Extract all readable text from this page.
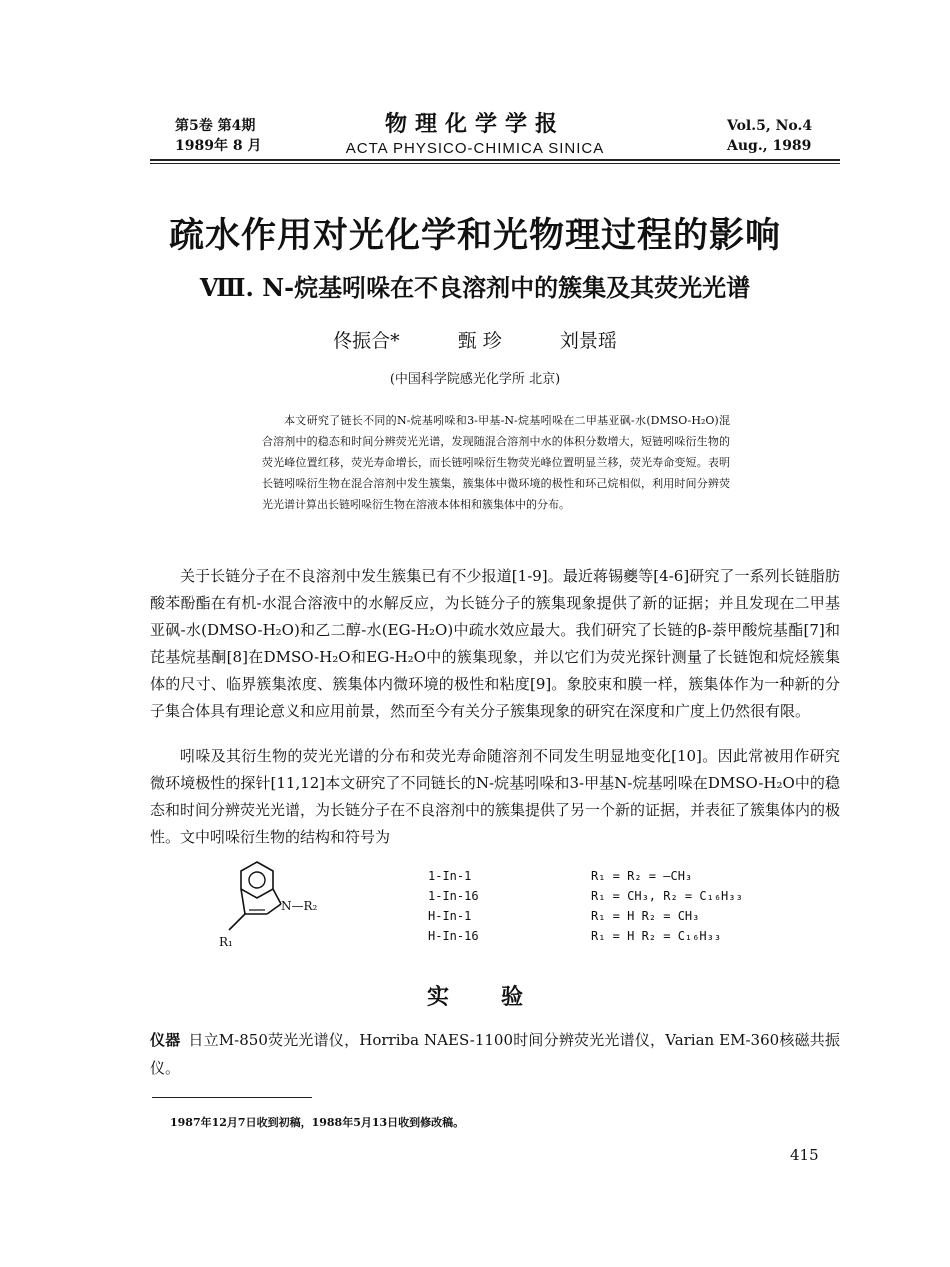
第5卷 第4期
1989年 8 月
物理化学学报
ACTA PHYSICO-CHIMICA SINICA
Vol.5, No.4
Aug., 1989
疏水作用对光化学和光物理过程的影响
Ⅷ. N-烷基吲哚在不良溶剂中的簇集及其荧光光谱
佟振合*	甄 珍	刘景瑶
(中国科学院感光化学所 北京)

本文研究了链长不同的N-烷基吲哚和3-甲基-N-烷基吲哚在二甲基亚砜-水(DMSO-H₂O)混合溶剂中的稳态和时间分辨荧光光谱，发现随混合溶剂中水的体积分数增大，短链吲哚衍生物的荧光峰位置红移，荧光寿命增长，而长链吲哚衍生物荧光峰位置明显兰移，荧光寿命变短。表明长链吲哚衍生物在混合溶剂中发生簇集，簇集体中微环境的极性和环己烷相似，利用时间分辨荧光光谱计算出长链吲哚衍生物在溶液本体相和簇集体中的分布。

关于长链分子在不良溶剂中发生簇集已有不少报道[1-9]。最近蒋锡夔等[4-6]研究了一系列长链脂肪酸苯酚酯在有机-水混合溶液中的水解反应，为长链分子的簇集现象提供了新的证据；并且发现在二甲基亚砜-水(DMSO-H₂O)和乙二醇-水(EG-H₂O)中疏水效应最大。我们研究了长链的β-萘甲酸烷基酯[7]和芘基烷基酮[8]在DMSO-H₂O和EG-H₂O中的簇集现象，并以它们为荧光探针测量了长链饱和烷烃簇集体的尺寸、临界簇集浓度、簇集体内微环境的极性和粘度[9]。象胶束和膜一样，簇集体作为一种新的分子集合体具有理论意义和应用前景，然而至今有关分子簇集现象的研究在深度和广度上仍然很有限。

吲哚及其衍生物的荧光光谱的分布和荧光寿命随溶剂不同发生明显地变化[10]。因此常被用作研究微环境极性的探针[11,12]本文研究了不同链长的N-烷基吲哚和3-甲基N-烷基吲哚在DMSO-H₂O中的稳态和时间分辨荧光光谱，为长链分子在不良溶剂中的簇集提供了另一个新的证据，并表征了簇集体内的极性。文中吲哚衍生物的结构和符号为

N—R₂
R₁
1-In-1	R₁ = R₂ = —CH₃
1-In-16	R₁ = CH₃, R₂ = C₁₆H₃₃
H-In-1	R₁ = H R₂ = CH₃
H-In-16	R₁ = H R₂ = C₁₆H₃₃
实 验
仪器 日立M-850荧光光谱仪，Horriba NAES-1100时间分辨荧光光谱仪，Varian EM-360核磁共振仪。
1987年12月7日收到初稿，1988年5月13日收到修改稿。
415
